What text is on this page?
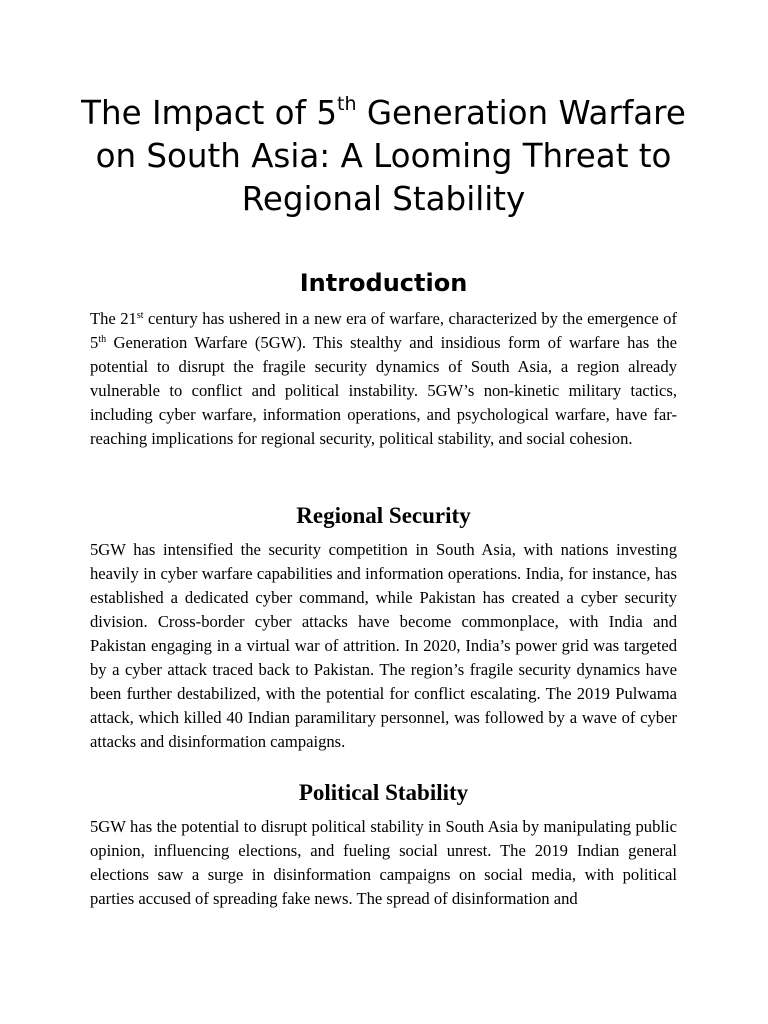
The Impact of 5th Generation Warfare on South Asia: A Looming Threat to Regional Stability
Introduction

The 21st century has ushered in a new era of warfare, characterized by the emergence of 5th Generation Warfare (5GW). This stealthy and insidious form of warfare has the potential to disrupt the fragile security dynamics of South Asia, a region already vulnerable to conflict and political instability. 5GW’s non-kinetic military tactics, including cyber warfare, information operations, and psychological warfare, have far-reaching implications for regional security, political stability, and social cohesion.

Regional Security

5GW has intensified the security competition in South Asia, with nations investing heavily in cyber warfare capabilities and information operations. India, for instance, has established a dedicated cyber command, while Pakistan has created a cyber security division. Cross-border cyber attacks have become commonplace, with India and Pakistan engaging in a virtual war of attrition. In 2020, India’s power grid was targeted by a cyber attack traced back to Pakistan. The region’s fragile security dynamics have been further destabilized, with the potential for conflict escalating. The 2019 Pulwama attack, which killed 40 Indian paramilitary personnel, was followed by a wave of cyber attacks and disinformation campaigns.

Political Stability

5GW has the potential to disrupt political stability in South Asia by manipulating public opinion, influencing elections, and fueling social unrest. The 2019 Indian general elections saw a surge in disinformation campaigns on social media, with political parties accused of spreading fake news. The spread of disinformation and
